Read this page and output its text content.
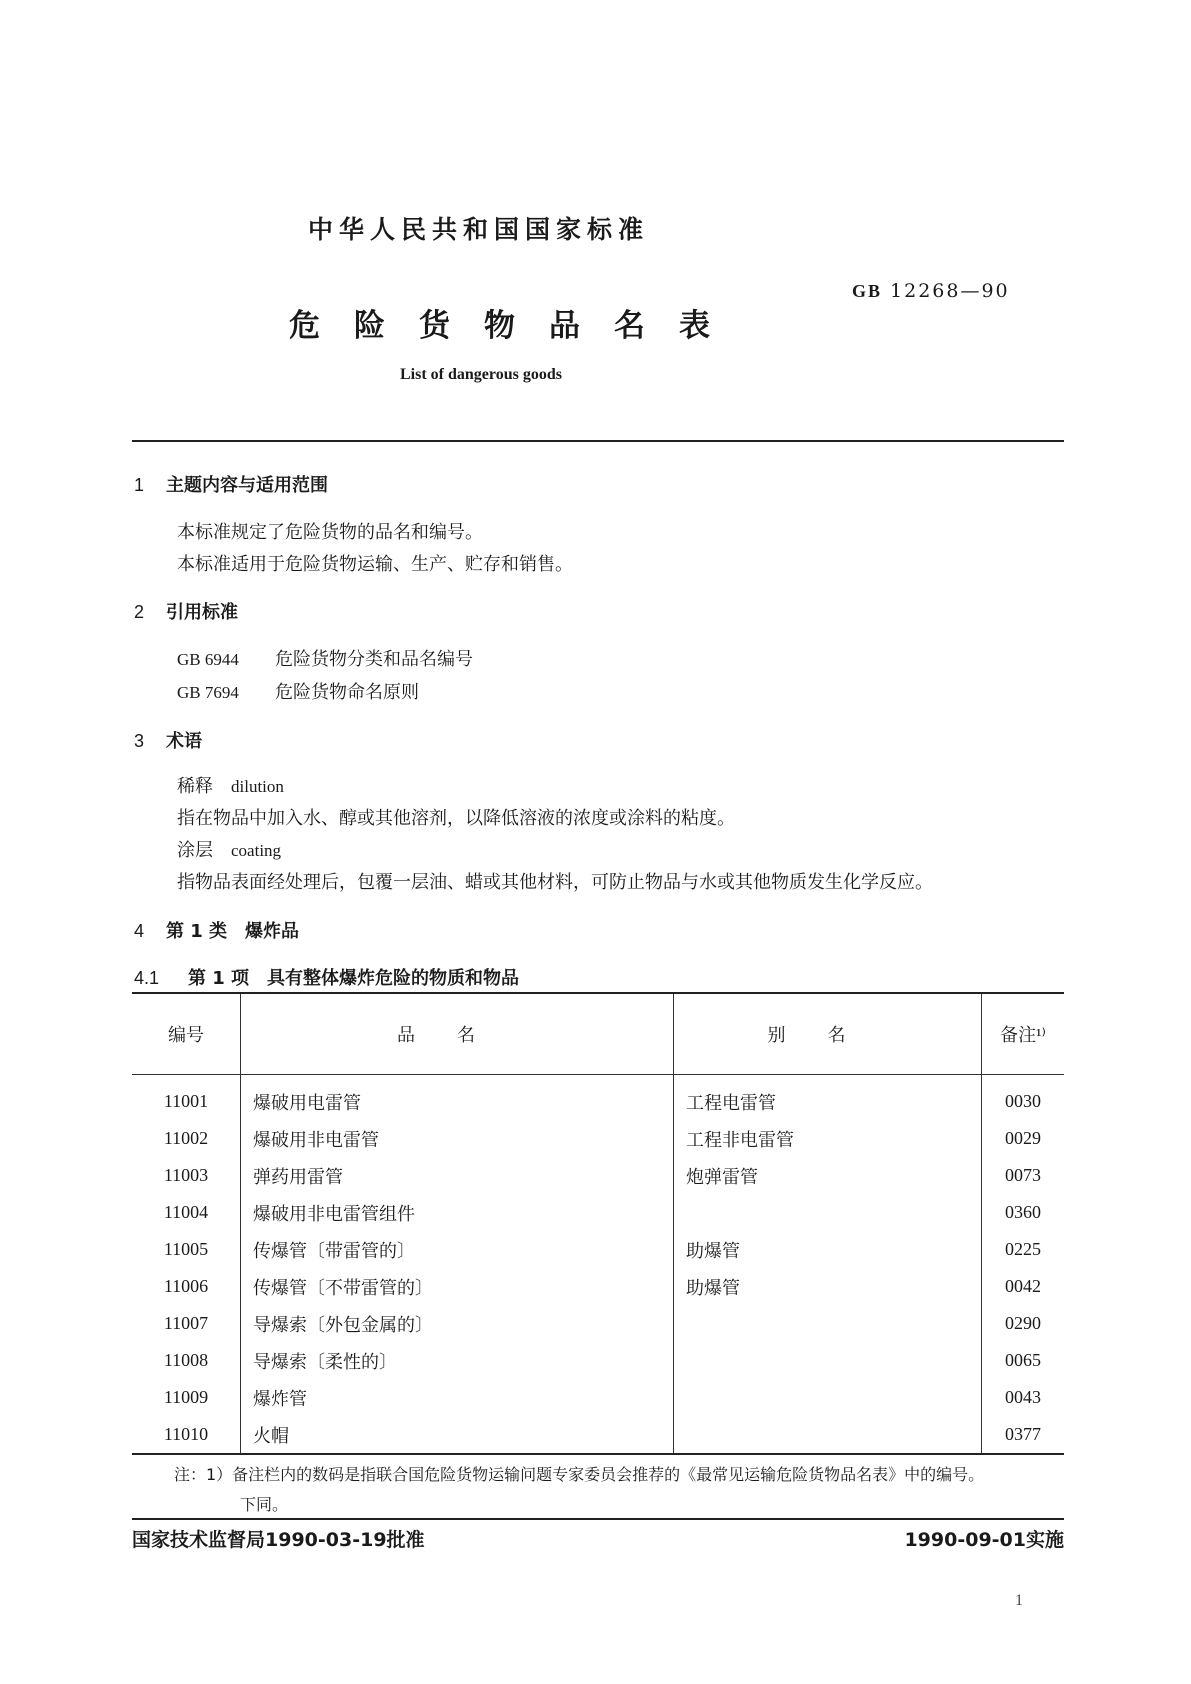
中华人民共和国国家标准
GB 12268—90
危险货物品名表
List of dangerous goods
1 主题内容与适用范围
本标准规定了危险货物的品名和编号。
本标准适用于危险货物运输、生产、贮存和销售。
2 引用标准
GB 6944 危险货物分类和品名编号
GB 7694 危险货物命名原则
3 术语
稀释 dilution
指在物品中加入水、醇或其他溶剂，以降低溶液的浓度或涂料的粘度。
涂层 coating
指物品表面经处理后，包覆一层油、蜡或其他材料，可防止物品与水或其他物质发生化学反应。
4 第 1 类　爆炸品
4.1 第 1 项　具有整体爆炸危险的物质和物品
编号	品名	别名	备注¹⁾
11001	爆破用电雷管	工程电雷管	0030
11002	爆破用非电雷管	工程非电雷管	0029
11003	弹药用雷管	炮弹雷管	0073
11004	爆破用非电雷管组件		0360
11005	传爆管〔带雷管的〕	助爆管	0225
11006	传爆管〔不带雷管的〕	助爆管	0042
11007	导爆索〔外包金属的〕		0290
11008	导爆索〔柔性的〕		0065
11009	爆炸管		0043
11010	火帽		0377
注：1）备注栏内的数码是指联合国危险货物运输问题专家委员会推荐的《最常见运输危险货物品名表》中的编号。
下同。
国家技术监督局1990-03-19批准	1990-09-01实施
1
